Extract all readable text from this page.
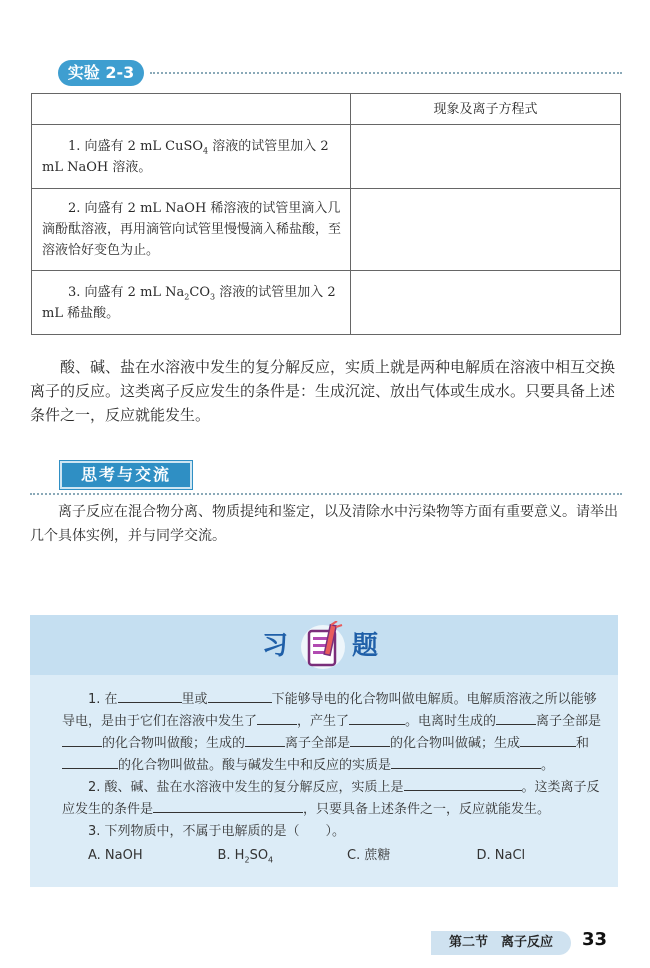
实验 2-3
	现象及离子方程式

1. 向盛有 2 mL CuSO$_4$ 溶液的试管里加入 2 mL NaOH 溶液。	

2. 向盛有 2 mL NaOH 稀溶液的试管里滴入几滴酚酞溶液，再用滴管向试管里慢慢滴入稀盐酸，至溶液恰好变色为止。	

3. 向盛有 2 mL $Na_2CO_3$ 溶液的试管里加入 2 mL 稀盐酸。	

酸、碱、盐在水溶液中发生的复分解反应，实质上就是两种电解质在溶液中相互交换离子的反应。这类离子反应发生的条件是：生成沉淀、放出气体或生成水。只要具备上述条件之一，反应就能发生。
思考与交流
离子反应在混合物分离、物质提纯和鉴定，以及清除水中污染物等方面有重要意义。请举出几个具体实例，并与同学交流。
习 题

1. 在	里或	下能够导电的化合物叫做电解质。电解质溶液之所以能够导电，是由于它们在溶液中发生了	，产生了	。电离时生成的	离子全部是的化合物叫做酸；生成的	离子全部是	的化合物叫做碱；生成	和的化合物叫做盐。酸与碱发生中和反应的实质是	。

2. 酸、碱、盐在水溶液中发生的复分解反应，实质上是	。这类离子反应发生的条件是	，只要具备上述条件之一，反应就能发生。

3. 下列物质中，不属于电解质的是（　　）。

A. NaOH	B. $H_2SO_4$	C. 蔗糖	D. NaCl
第二节　离子反应	33
